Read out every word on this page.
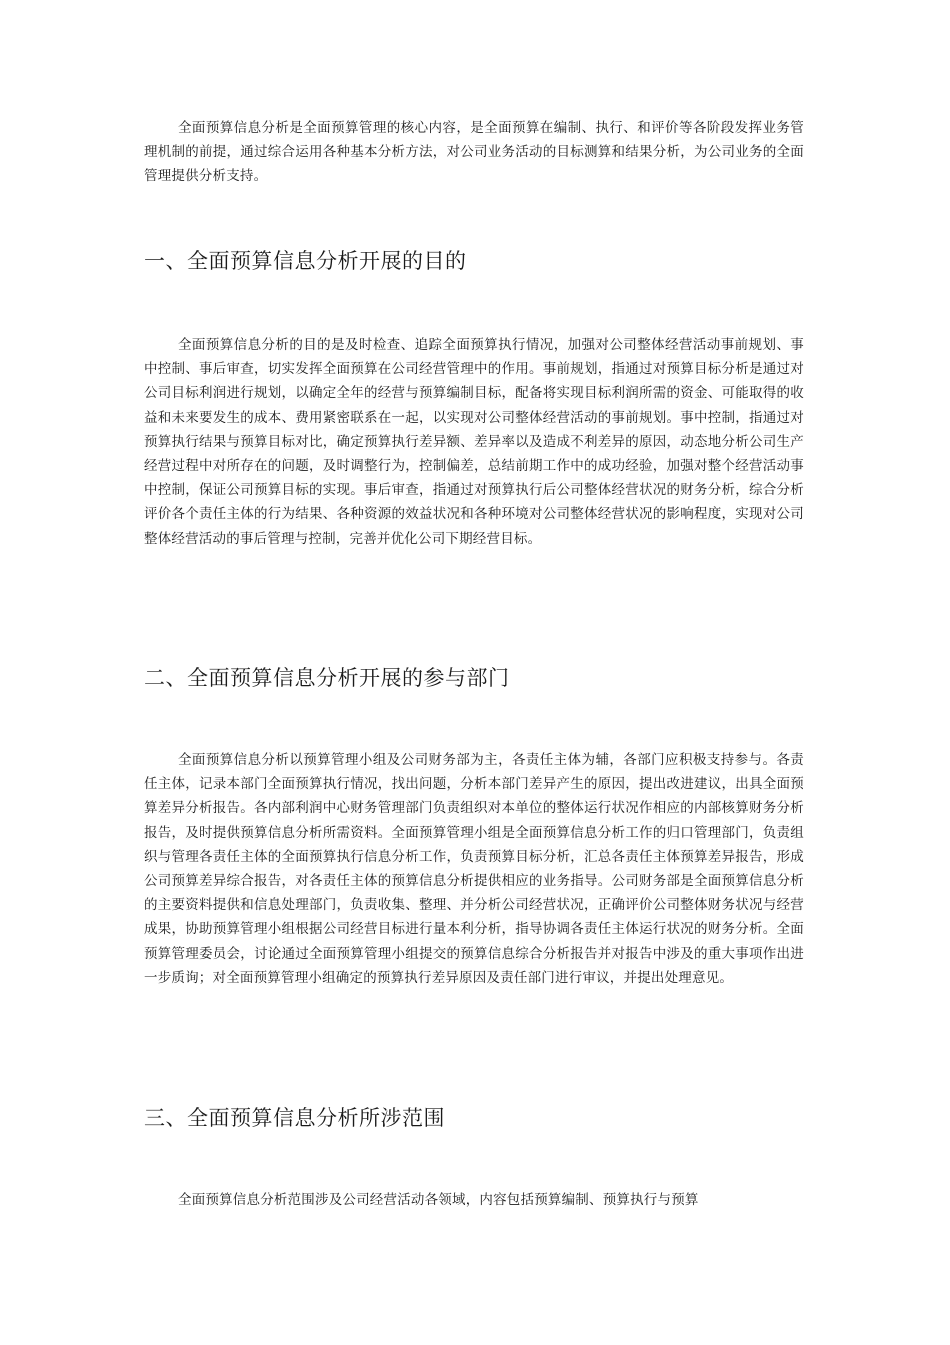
全面预算信息分析是全面预算管理的核心内容，是全面预算在编制、执行、和评价等各阶段发挥业务管理机制的前提，通过综合运用各种基本分析方法，对公司业务活动的目标测算和结果分析，为公司业务的全面管理提供分析支持。

一、全面预算信息分析开展的目的

全面预算信息分析的目的是及时检查、追踪全面预算执行情况，加强对公司整体经营活动事前规划、事中控制、事后审查，切实发挥全面预算在公司经营管理中的作用。事前规划，指通过对预算目标分析是通过对公司目标利润进行规划，以确定全年的经营与预算编制目标，配备将实现目标利润所需的资金、可能取得的收益和未来要发生的成本、费用紧密联系在一起，以实现对公司整体经营活动的事前规划。事中控制，指通过对预算执行结果与预算目标对比，确定预算执行差异额、差异率以及造成不利差异的原因，动态地分析公司生产经营过程中对所存在的问题，及时调整行为，控制偏差，总结前期工作中的成功经验，加强对整个经营活动事中控制，保证公司预算目标的实现。事后审查，指通过对预算执行后公司整体经营状况的财务分析，综合分析评价各个责任主体的行为结果、各种资源的效益状况和各种环境对公司整体经营状况的影响程度，实现对公司整体经营活动的事后管理与控制，完善并优化公司下期经营目标。

二、全面预算信息分析开展的参与部门

全面预算信息分析以预算管理小组及公司财务部为主，各责任主体为辅，各部门应积极支持参与。各责任主体，记录本部门全面预算执行情况，找出问题，分析本部门差异产生的原因，提出改进建议，出具全面预算差异分析报告。各内部利润中心财务管理部门负责组织对本单位的整体运行状况作相应的内部核算财务分析报告，及时提供预算信息分析所需资料。全面预算管理小组是全面预算信息分析工作的归口管理部门，负责组织与管理各责任主体的全面预算执行信息分析工作，负责预算目标分析，汇总各责任主体预算差异报告，形成公司预算差异综合报告，对各责任主体的预算信息分析提供相应的业务指导。公司财务部是全面预算信息分析的主要资料提供和信息处理部门，负责收集、整理、并分析公司经营状况，正确评价公司整体财务状况与经营成果，协助预算管理小组根据公司经营目标进行量本利分析，指导协调各责任主体运行状况的财务分析。全面预算管理委员会，讨论通过全面预算管理小组提交的预算信息综合分析报告并对报告中涉及的重大事项作出进一步质询；对全面预算管理小组确定的预算执行差异原因及责任部门进行审议，并提出处理意见。

三、全面预算信息分析所涉范围

全面预算信息分析范围涉及公司经营活动各领域，内容包括预算编制、预算执行与预算
